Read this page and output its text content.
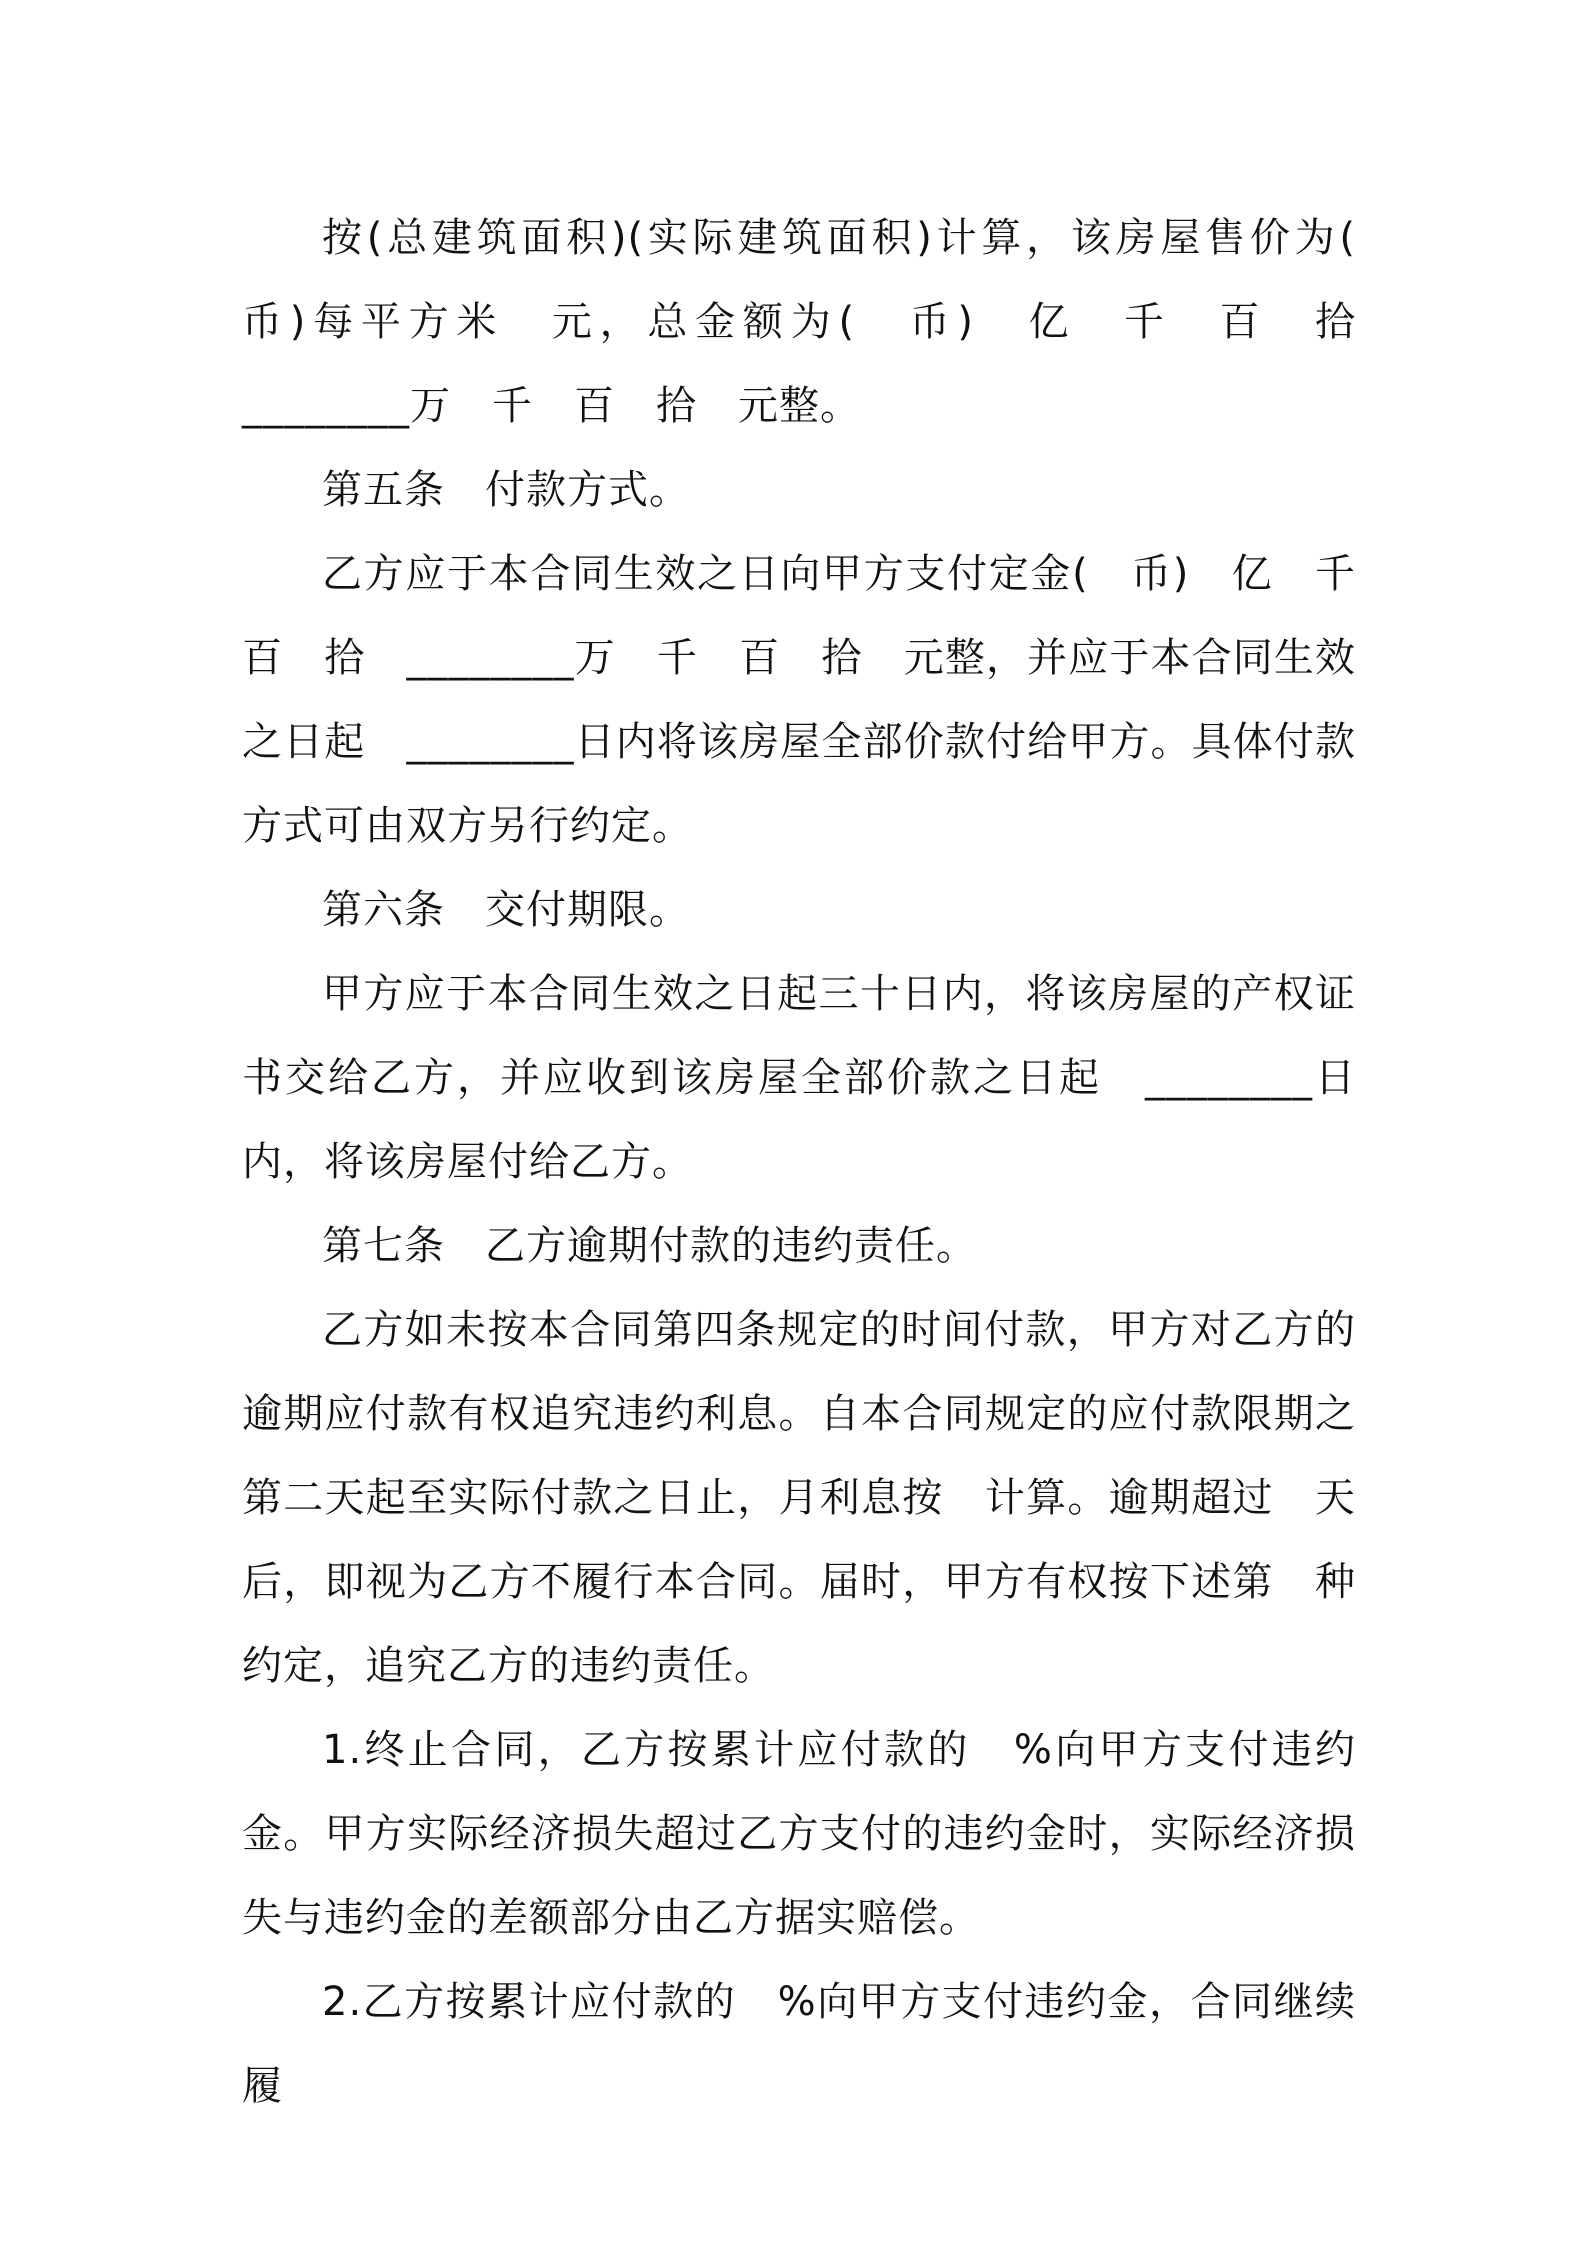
按(总建筑面积)(实际建筑面积)计算，该房屋售价为(　币)每平方米　元，总金额为(　币)　亿　千　百　拾　________万　千　百　拾　元整。

第五条 付款方式。

乙方应于本合同生效之日向甲方支付定金(　币)　亿　千　百　拾　________万　千　百　拾　元整，并应于本合同生效之日起　________日内将该房屋全部价款付给甲方。具体付款方式可由双方另行约定。

第六条 交付期限。

甲方应于本合同生效之日起三十日内，将该房屋的产权证书交给乙方，并应收到该房屋全部价款之日起　________日内，将该房屋付给乙方。

第七条 乙方逾期付款的违约责任。

乙方如未按本合同第四条规定的时间付款，甲方对乙方的逾期应付款有权追究违约利息。自本合同规定的应付款限期之第二天起至实际付款之日止，月利息按　计算。逾期超过　天后，即视为乙方不履行本合同。届时，甲方有权按下述第　种约定，追究乙方的违约责任。

1.终止合同，乙方按累计应付款的　%向甲方支付违约金。甲方实际经济损失超过乙方支付的违约金时，实际经济损失与违约金的差额部分由乙方据实赔偿。

2.乙方按累计应付款的　%向甲方支付违约金，合同继续履
